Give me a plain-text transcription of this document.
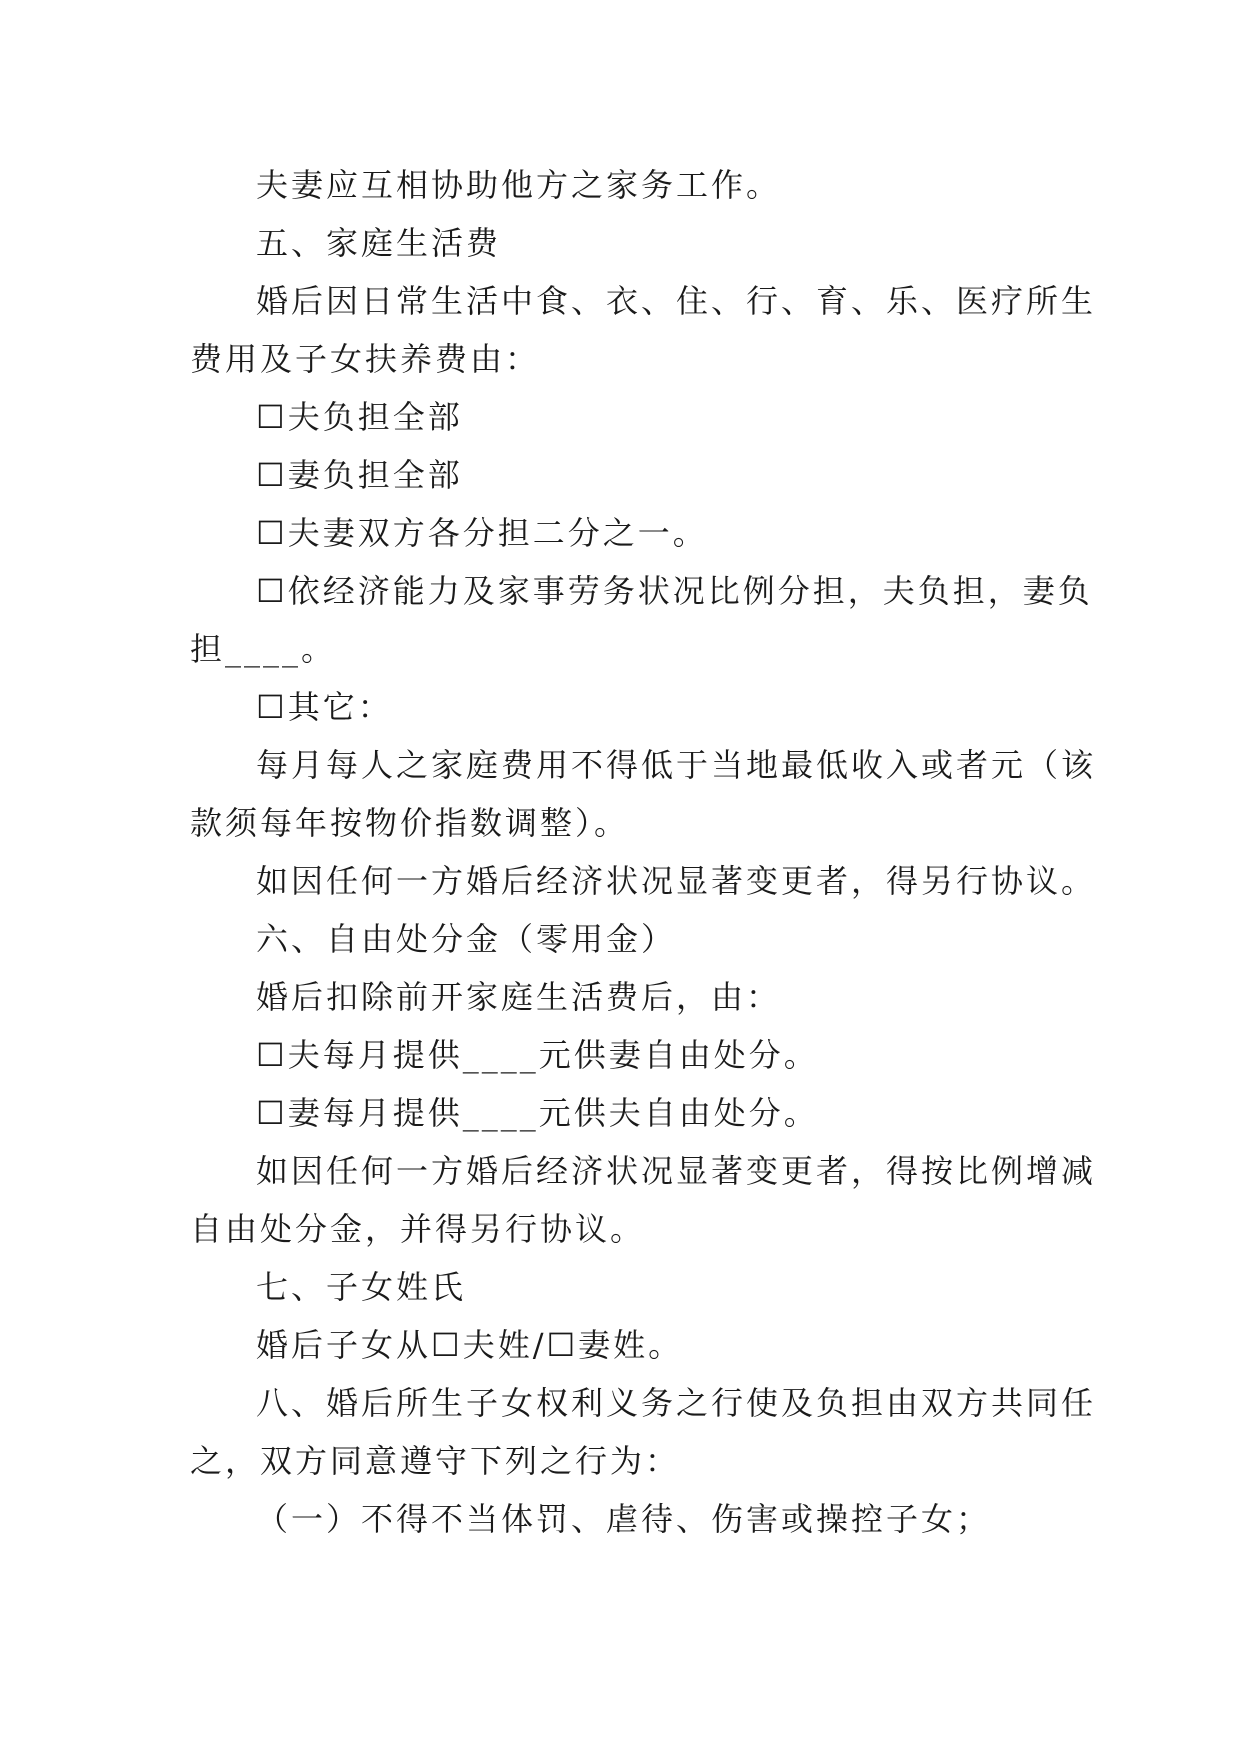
夫妻应互相协助他方之家务工作。
五、家庭生活费
婚后因日常生活中食、衣、住、行、育、乐、医疗所生
费用及子女扶养费由：
☐夫负担全部
☐妻负担全部
☐夫妻双方各分担二分之一。
☐依经济能力及家事劳务状况比例分担，夫负担，妻负
担____。
☐其它：
每月每人之家庭费用不得低于当地最低收入或者元（该
款须每年按物价指数调整）。
如因任何一方婚后经济状况显著变更者，得另行协议。
六、自由处分金（零用金）
婚后扣除前开家庭生活费后，由：
☐夫每月提供____元供妻自由处分。
☐妻每月提供____元供夫自由处分。
如因任何一方婚后经济状况显著变更者，得按比例增减
自由处分金，并得另行协议。
七、子女姓氏
婚后子女从☐夫姓/☐妻姓。
八、婚后所生子女权利义务之行使及负担由双方共同任
之，双方同意遵守下列之行为：
（一）不得不当体罚、虐待、伤害或操控子女；
